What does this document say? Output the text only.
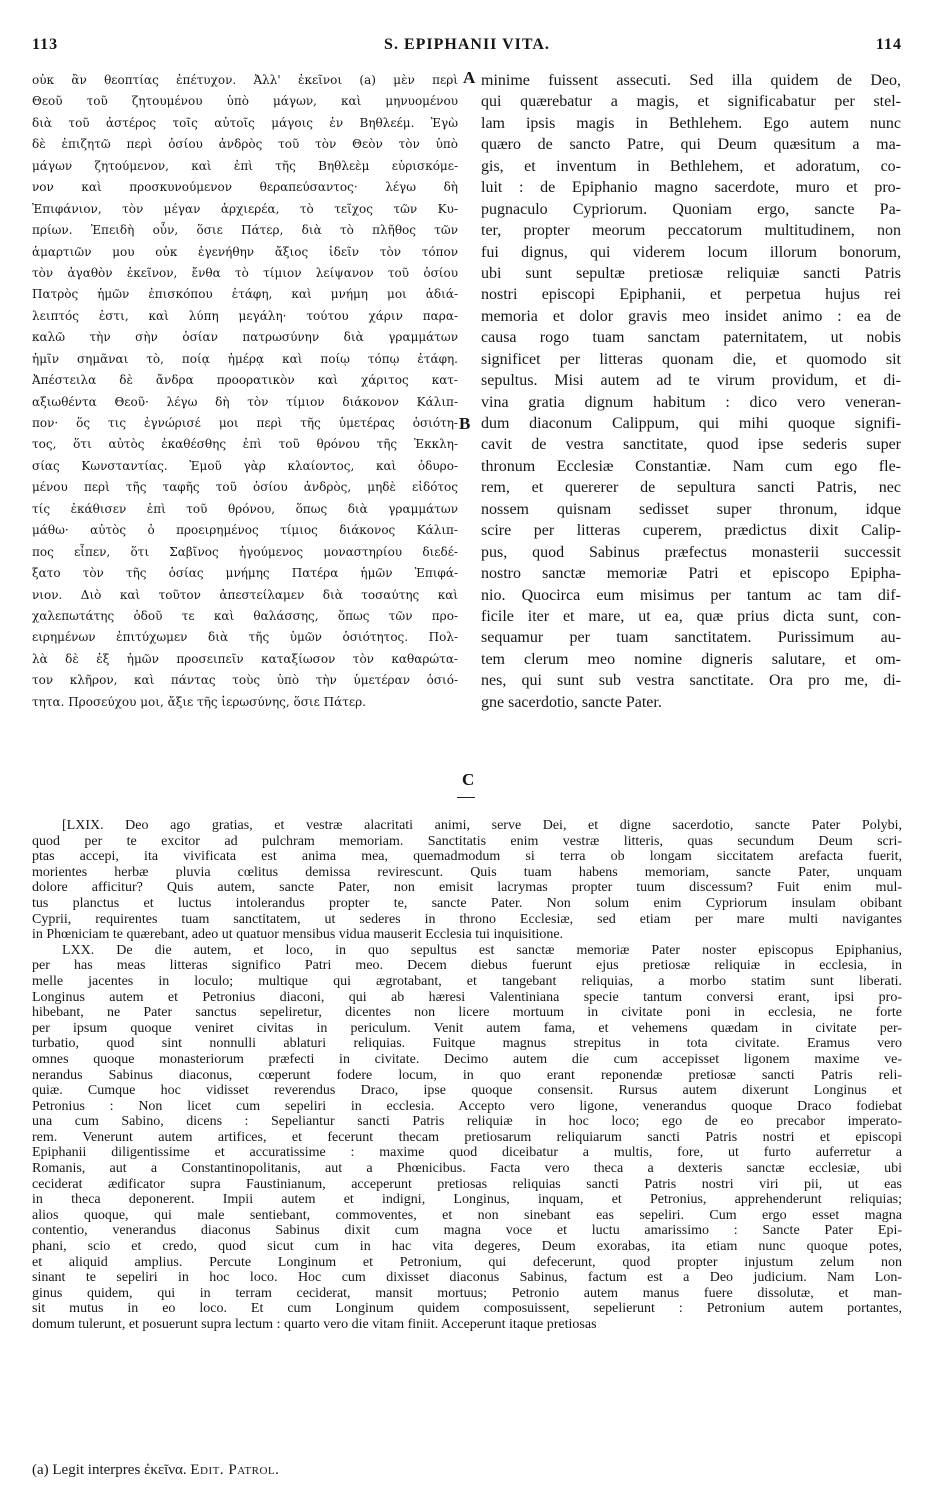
S. EPIPHANII VITA.
113	114
οὐκ ἂν θεοπτίας ἐπέτυχον. Ἀλλ' ἐκεῖνοι (a) μὲν περὶ
Θεοῦ τοῦ ζητουμένου ὑπὸ μάγων, καὶ μηνυομένου
διὰ τοῦ ἀστέρος τοῖς αὐτοῖς μάγοις ἐν Βηθλεέμ. Ἐγὼ
δὲ ἐπιζητῶ περὶ ὁσίου ἀνδρὸς τοῦ τὸν Θεὸν τὸν ὑπὸ
μάγων ζητούμενον, καὶ ἐπὶ τῆς Βηθλεὲμ εὑρισκόμε-
νον καὶ προσκυνούμενον θεραπεύσαντος· λέγω δὴ
Ἐπιφάνιον, τὸν μέγαν ἀρχιερέα, τὸ τεῖχος τῶν Κυ-
πρίων. Ἐπειδὴ οὖν, ὅσιε Πάτερ, διὰ τὸ πλῆθος τῶν
ἁμαρτιῶν μου οὐκ ἐγενήθην ἄξιος ἰδεῖν τὸν τόπον
τὸν ἀγαθὸν ἐκεῖνον, ἔνθα τὸ τίμιον λείψανον τοῦ ὁσίου
Πατρὸς ἡμῶν ἐπισκόπου ἐτάφη, καὶ μνήμη μοι ἀδιά-
λειπτός ἐστι, καὶ λύπη μεγάλη· τούτου χάριν παρα-
καλῶ τὴν σὴν ὁσίαν πατρωσύνην διὰ γραμμάτων
ἡμῖν σημᾶναι τὸ, ποίᾳ ἡμέρᾳ καὶ ποίῳ τόπῳ ἐτάφη.
Ἀπέστειλα δὲ ἄνδρα προορατικὸν καὶ χάριτος κατ-
αξιωθέντα Θεοῦ· λέγω δὴ τὸν τίμιον διάκονον Κάλιπ-
πον· ὅς τις ἐγνώρισέ μοι περὶ τῆς ὑμετέρας ὁσιότη-
τος, ὅτι αὐτὸς ἐκαθέσθης ἐπὶ τοῦ θρόνου τῆς Ἐκκλη-
σίας Κωνσταντίας. Ἐμοῦ γὰρ κλαίοντος, καὶ ὀδυρο-
μένου περὶ τῆς ταφῆς τοῦ ὁσίου ἀνδρὸς, μηδὲ εἰδότος
τίς ἐκάθισεν ἐπὶ τοῦ θρόνου, ὅπως διὰ γραμμάτων
μάθω· αὐτὸς ὁ προειρημένος τίμιος διάκονος Κάλιπ-
πος εἶπεν, ὅτι Σαβῖνος ἡγούμενος μοναστηρίου διεδέ-
ξατο τὸν τῆς ὁσίας μνήμης Πατέρα ἡμῶν Ἐπιφά-
νιον. Διὸ καὶ τοῦτον ἀπεστείλαμεν διὰ τοσαύτης καὶ
χαλεπωτάτης ὁδοῦ τε καὶ θαλάσσης, ὅπως τῶν προ-
ειρημένων ἐπιτύχωμεν διὰ τῆς ὑμῶν ὁσιότητος. Πολ-
λὰ δὲ ἐξ ἡμῶν προσειπεῖν καταξίωσον τὸν καθαρώτα-
τον κλῆρον, καὶ πάντας τοὺς ὑπὸ τὴν ὑμετέραν ὁσιό-
τητα. Προσεύχου μοι, ἄξιε τῆς ἱερωσύνης, ὅσιε Πάτερ.
A
B
C
minime fuissent assecuti. Sed illa quidem de Deo,
qui quærebatur a magis, et significabatur per stel-
lam ipsis magis in Bethlehem. Ego autem nunc
quæro de sancto Patre, qui Deum quæsitum a ma-
gis, et inventum in Bethlehem, et adoratum, co-
luit : de Epiphanio magno sacerdote, muro et pro-
pugnaculo Cypriorum. Quoniam ergo, sancte Pa-
ter, propter meorum peccatorum multitudinem, non
fui dignus, qui viderem locum illorum bonorum,
ubi sunt sepultæ pretiosæ reliquiæ sancti Patris
nostri episcopi Epiphanii, et perpetua hujus rei
memoria et dolor gravis meo insidet animo : ea de
causa rogo tuam sanctam paternitatem, ut nobis
significet per litteras quonam die, et quomodo sit
sepultus. Misi autem ad te virum providum, et di-
vina gratia dignum habitum : dico vero veneran-
dum diaconum Calippum, qui mihi quoque signifi-
cavit de vestra sanctitate, quod ipse sederis super
thronum Ecclesiæ Constantiæ. Nam cum ego fle-
rem, et quererer de sepultura sancti Patris, nec
nossem quisnam sedisset super thronum, idque
scire per litteras cuperem, prædictus dixit Calip-
pus, quod Sabinus præfectus monasterii successit
nostro sanctæ memoriæ Patri et episcopo Epipha-
nio. Quocirca eum misimus per tantum ac tam dif-
ficile iter et mare, ut ea, quæ prius dicta sunt, con-
sequamur per tuam sanctitatem. Purissimum au-
tem clerum meo nomine digneris salutare, et om-
nes, qui sunt sub vestra sanctitate. Ora pro me, di-
gne sacerdotio, sancte Pater.
[LXIX. Deo ago gratias, et vestræ alacritati animi, serve Dei, et digne sacerdotio, sancte Pater Polybi,
quod per te excitor ad pulchram memoriam. Sanctitatis enim vestræ litteris, quas secundum Deum scri-
ptas accepi, ita vivificata est anima mea, quemadmodum si terra ob longam siccitatem arefacta fuerit,
morientes herbæ pluvia cœlitus demissa revirescunt. Quis tuam habens memoriam, sancte Pater, unquam
dolore afficitur? Quis autem, sancte Pater, non emisit lacrymas propter tuum discessum? Fuit enim mul-
tus planctus et luctus intolerandus propter te, sancte Pater. Non solum enim Cypriorum insulam obibant
Cyprii, requirentes tuam sanctitatem, ut sederes in throno Ecclesiæ, sed etiam per mare multi navigantes
in Phœniciam te quærebant, adeo ut quatuor mensibus vidua mauserit Ecclesia tui inquisitione.
LXX. De die autem, et loco, in quo sepultus est sanctæ memoriæ Pater noster episcopus Epiphanius,
per has meas litteras significo Patri meo. Decem diebus fuerunt ejus pretiosæ reliquiæ in ecclesia, in
melle jacentes in loculo; multique qui ægrotabant, et tangebant reliquias, a morbo statim sunt liberati.
Longinus autem et Petronius diaconi, qui ab hæresi Valentiniana specie tantum conversi erant, ipsi pro-
hibebant, ne Pater sanctus sepeliretur, dicentes non licere mortuum in civitate poni in ecclesia, ne forte
per ipsum quoque veniret civitas in periculum. Venit autem fama, et vehemens quædam in civitate per-
turbatio, quod sint nonnulli ablaturi reliquias. Fuitque magnus strepitus in tota civitate. Eramus vero
omnes quoque monasteriorum præfecti in civitate. Decimo autem die cum accepisset ligonem maxime ve-
nerandus Sabinus diaconus, cœperunt fodere locum, in quo erant reponendæ pretiosæ sancti Patris reli-
quiæ. Cumque hoc vidisset reverendus Draco, ipse quoque consensit. Rursus autem dixerunt Longinus et
Petronius : Non licet cum sepeliri in ecclesia. Accepto vero ligone, venerandus quoque Draco fodiebat
una cum Sabino, dicens : Sepeliantur sancti Patris reliquiæ in hoc loco; ego de eo precabor imperato-
rem. Venerunt autem artifices, et fecerunt thecam pretiosarum reliquiarum sancti Patris nostri et episcopi
Epiphanii diligentissime et accuratissime : maxime quod diceibatur a multis, fore, ut furto auferretur a
Romanis, aut a Constantinopolitanis, aut a Phœnicibus. Facta vero theca a dexteris sanctæ ecclesiæ, ubi
ceciderat ædificator supra Faustinianum, acceperunt pretiosas reliquias sancti Patris nostri viri pii, ut eas
in theca deponerent. Impii autem et indigni, Longinus, inquam, et Petronius, apprehenderunt reliquias;
alios quoque, qui male sentiebant, commoventes, et non sinebant eas sepeliri. Cum ergo esset magna
contentio, venerandus diaconus Sabinus dixit cum magna voce et luctu amarissimo : Sancte Pater Epi-
phani, scio et credo, quod sicut cum in hac vita degeres, Deum exorabas, ita etiam nunc quoque potes,
et aliquid amplius. Percute Longinum et Petronium, qui defecerunt, quod propter injustum zelum non
sinant te sepeliri in hoc loco. Hoc cum dixisset diaconus Sabinus, factum est a Deo judicium. Nam Lon-
ginus quidem, qui in terram ceciderat, mansit mortuus; Petronio autem manus fuere dissolutæ, et man-
sit mutus in eo loco. Et cum Longinum quidem composuissent, sepelierunt : Petronium autem portantes,
domum tulerunt, et posuerunt supra lectum : quarto vero die vitam finiit. Acceperunt itaque pretiosas
(a) Legit interpres ἐκεῖνα. Edit. Patrol.
